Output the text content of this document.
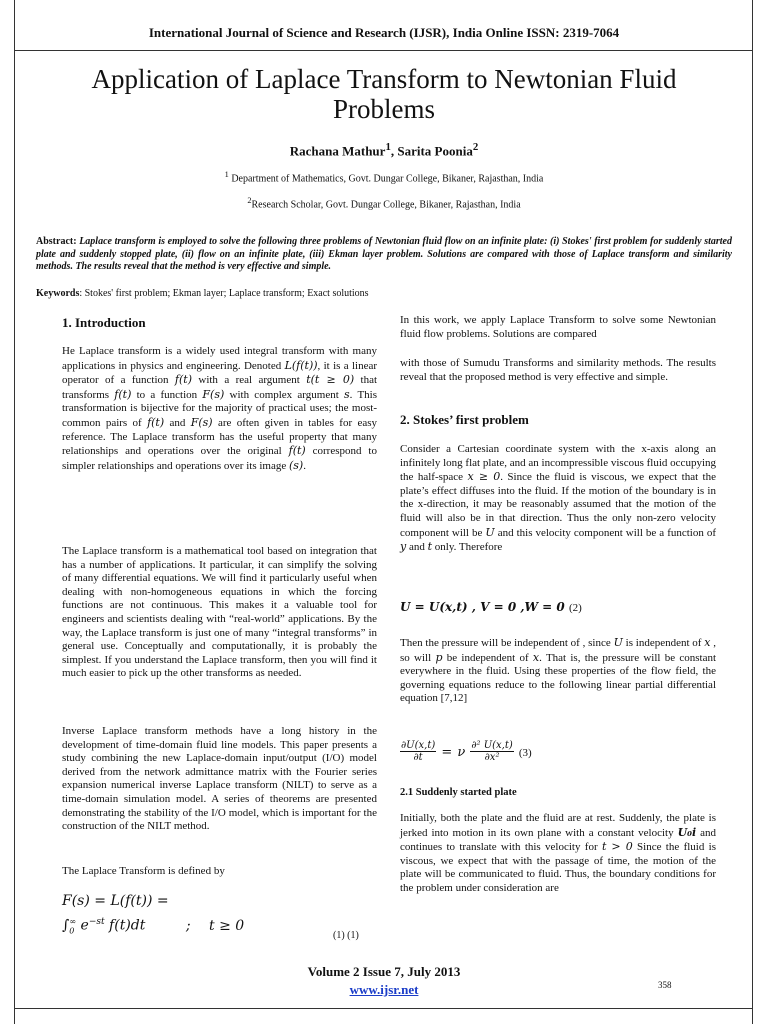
International Journal of Science and Research (IJSR), India Online ISSN: 2319-7064
Application of Laplace Transform to Newtonian Fluid Problems
Rachana Mathur$^1$, Sarita Poonia$^2$
$^1$ Department of Mathematics, Govt. Dungar College, Bikaner, Rajasthan, India
$^2$Research Scholar, Govt. Dungar College, Bikaner, Rajasthan, India
Abstract: Laplace transform is employed to solve the following three problems of Newtonian fluid flow on an infinite plate: (i) Stokes' first problem for suddenly started plate and suddenly stopped plate, (ii) flow on an infinite plate, (iii) Ekman layer problem. Solutions are compared with those of Laplace transform and similarity methods. The results reveal that the method is very effective and simple.
Keywords: Stokes' first problem; Ekman layer; Laplace transform; Exact solutions
1. Introduction
He Laplace transform is a widely used integral transform with many applications in physics and engineering. Denoted L(f(t)), it is a linear operator of a function f(t) with a real argument t(t ≥ 0) that transforms f(t) to a function F(s) with complex argument s. This transformation is bijective for the majority of practical uses; the most-common pairs of f(t) and F(s) are often given in tables for easy reference. The Laplace transform has the useful property that many relationships and operations over the original f(t) correspond to simpler relationships and operations over its image (s).
The Laplace transform is a mathematical tool based on integration that has a number of applications. It particular, it can simplify the solving of many differential equations. We will find it particularly useful when dealing with non-homogeneous equations in which the forcing functions are not continuous. This makes it a valuable tool for engineers and scientists dealing with “real-world” applications. By the way, the Laplace transform is just one of many “integral transforms” in general use. Conceptually and computationally, it is probably the simplest. If you understand the Laplace transform, then you will find it much easier to pick up the other transforms as needed.
Inverse Laplace transform methods have a long history in the development of time-domain fluid line models. This paper presents a study combining the new Laplace-domain input/output (I/O) model derived from the network admittance matrix with the Fourier series expansion numerical inverse Laplace transform (NILT) to serve as a time-domain simulation model. A series of theorems are presented demonstrating the stability of the I/O model, which is important for the construction of the NILT method.
The Laplace Transform is defined by
F(s) = L(f(t)) =
$\int_0^\infty$ $e^{-st}$ f(t)dt	; t ≥ 0
(1) (1)
In this work, we apply Laplace Transform to solve some Newtonian fluid flow problems. Solutions are compared
with those of Sumudu Transforms and similarity methods. The results reveal that the proposed method is very effective and simple.
2. Stokes’ first problem
Consider a Cartesian coordinate system with the x-axis along an infinitely long flat plate, and an incompressible viscous fluid occupying the half-space x ≥ 0. Since the fluid is viscous, we expect that the plate’s effect diffuses into the fluid. If the motion of the boundary is in the x-direction, it may be reasonably assumed that the motion of the fluid will also be in that direction. Thus the only non-zero velocity component will be U and this velocity component will be a function of y and t only. Therefore
U = U(x,t) , V = 0 ,W = 0 (2)
Then the pressure will be independent of , since U is independent of x , so will p be independent of x. That is, the pressure will be constant everywhere in the fluid. Using these properties of the flow field, the governing equations reduce to the following linear partial differential equation [7,12]
$\frac{\partial U(x,t)}{\partial t} = \nu \frac{\text{∂² U(x,t)}}{\text{∂x²}} (3)$
2.1 Suddenly started plate
Initially, both the plate and the fluid are at rest. Suddenly, the plate is jerked into motion in its own plane with a constant velocity U₀i and continues to translate with this velocity for t > 0 Since the fluid is viscous, we expect that with the passage of time, the motion of the plate will be communicated to fluid. Thus, the boundary conditions for the problem under consideration are
Volume 2 Issue 7, July 2013
www.ijsr.net	358
